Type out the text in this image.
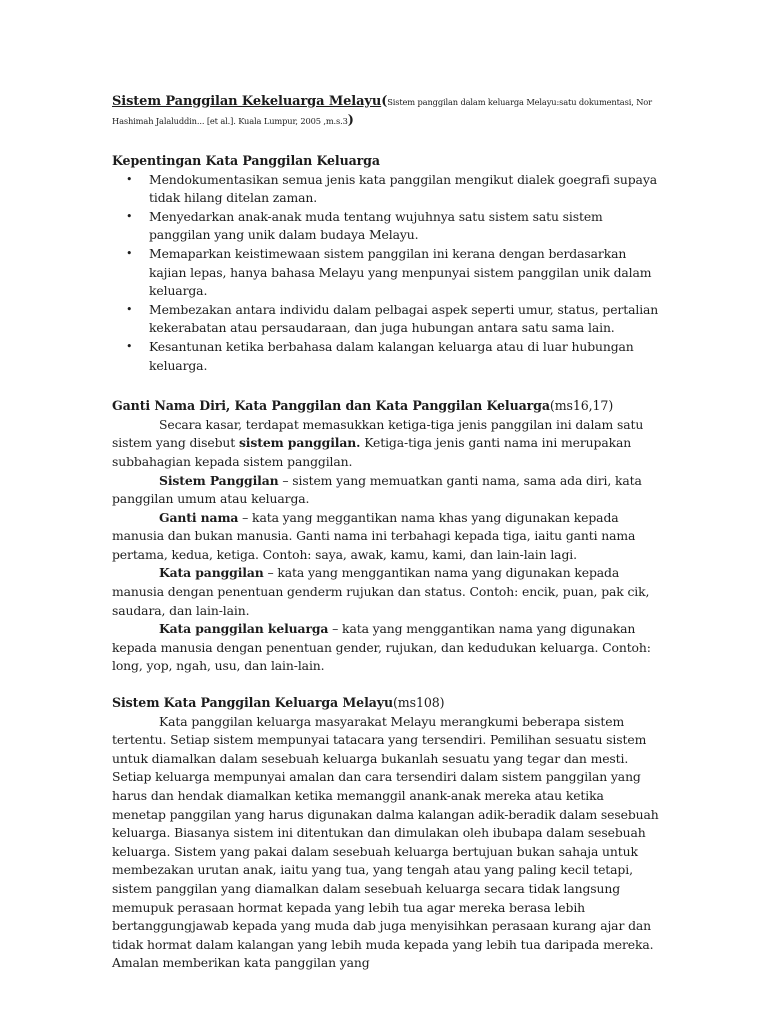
Sistem Panggilan Kekeluarga Melayu(Sistem panggilan dalam keluarga Melayu:satu dokumentasi, Nor
Hashimah Jalaluddin... [et al.]. Kuala Lumpur, 2005 ,m.s.3)

Kepentingan Kata Panggilan Keluarga

• Mendokumentasikan semua jenis kata panggilan mengikut dialek goegrafi supaya tidak hilang ditelan zaman.
• Menyedarkan anak-anak muda tentang wujuhnya satu sistem satu sistem panggilan yang unik dalam budaya Melayu.
• Memaparkan keistimewaan sistem panggilan ini kerana dengan berdasarkan kajian lepas, hanya bahasa Melayu yang menpunyai sistem panggilan unik dalam keluarga.
• Membezakan antara individu dalam pelbagai aspek seperti umur, status, pertalian kekerabatan atau persaudaraan, dan juga hubungan antara satu sama lain.
• Kesantunan ketika berbahasa dalam kalangan keluarga atau di luar hubungan keluarga.

Ganti Nama Diri, Kata Panggilan dan Kata Panggilan Keluarga(ms16,17)

Secara kasar, terdapat memasukkan ketiga-tiga jenis panggilan ini dalam satu sistem yang disebut sistem panggilan. Ketiga-tiga jenis ganti nama ini merupakan subbahagian kepada sistem panggilan.

Sistem Panggilan – sistem yang memuatkan ganti nama, sama ada diri, kata panggilan umum atau keluarga.

Ganti nama – kata yang meggantikan nama khas yang digunakan kepada manusia dan bukan manusia. Ganti nama ini terbahagi kepada tiga, iaitu ganti nama pertama, kedua, ketiga. Contoh: saya, awak, kamu, kami, dan lain-lain lagi.

Kata panggilan – kata yang menggantikan nama yang digunakan kepada manusia dengan penentuan genderm rujukan dan status. Contoh: encik, puan, pak cik, saudara, dan lain-lain.

Kata panggilan keluarga – kata yang menggantikan nama yang digunakan kepada manusia dengan penentuan gender, rujukan, dan kedudukan keluarga. Contoh: long, yop, ngah, usu, dan lain-lain.

Sistem Kata Panggilan Keluarga Melayu(ms108)

Kata panggilan keluarga masyarakat Melayu merangkumi beberapa sistem tertentu. Setiap sistem mempunyai tatacara yang tersendiri. Pemilihan sesuatu sistem untuk diamalkan dalam sesebuah keluarga bukanlah sesuatu yang tegar dan mesti. Setiap keluarga mempunyai amalan dan cara tersendiri dalam sistem panggilan yang harus dan hendak diamalkan ketika memanggil anank-anak mereka atau ketika menetap panggilan yang harus digunakan dalma kalangan adik-beradik dalam sesebuah keluarga. Biasanya sistem ini ditentukan dan dimulakan oleh ibubapa dalam sesebuah keluarga. Sistem yang pakai dalam sesebuah keluarga bertujuan bukan sahaja untuk membezakan urutan anak, iaitu yang tua, yang tengah atau yang paling kecil tetapi, sistem panggilan yang diamalkan dalam sesebuah keluarga secara tidak langsung memupuk perasaan hormat kepada yang lebih tua agar mereka berasa lebih bertanggungjawab kepada yang muda dab juga menyisihkan perasaan kurang ajar dan tidak hormat dalam kalangan yang lebih muda kepada yang lebih tua daripada mereka. Amalan memberikan kata panggilan yang
